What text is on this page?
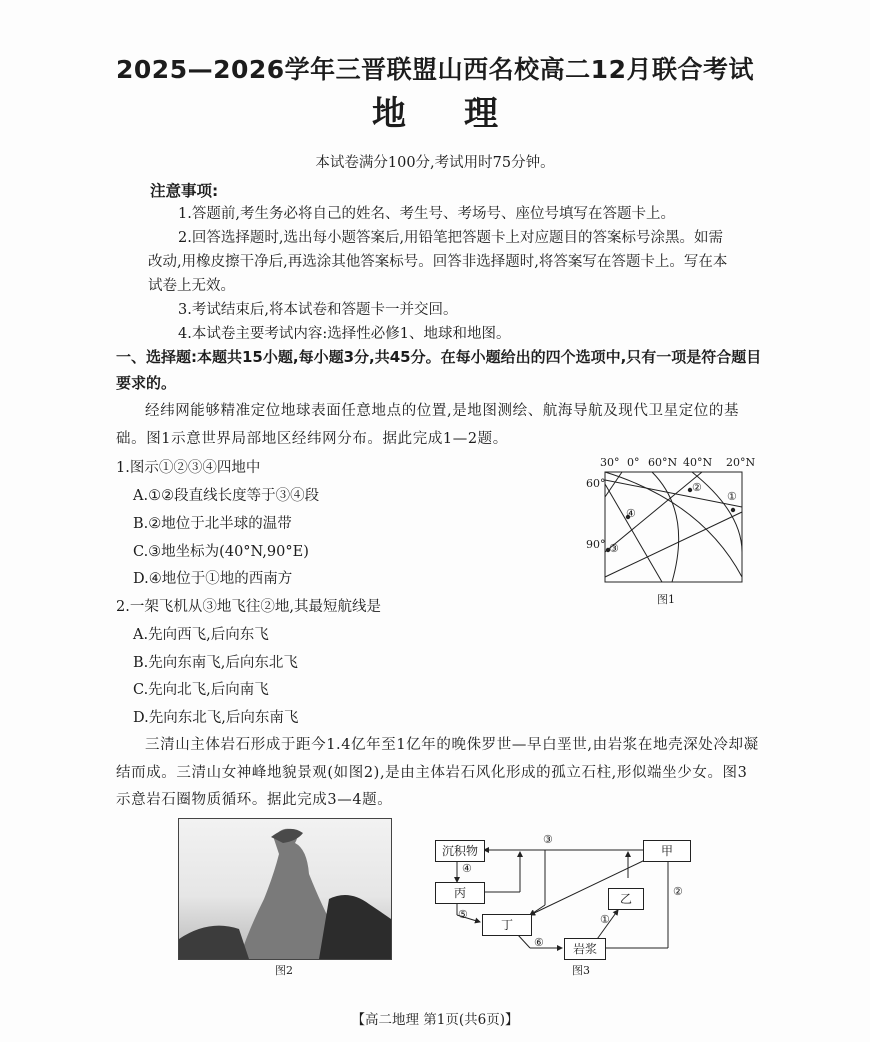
2025—2026学年三晋联盟山西名校高二12月联合考试
地理
本试卷满分100分,考试用时75分钟。
注意事项:
1.答题前,考生务必将自己的姓名、考生号、考场号、座位号填写在答题卡上。
2.回答选择题时,选出每小题答案后,用铅笔把答题卡上对应题目的答案标号涂黑。如需改动,用橡皮擦干净后,再选涂其他答案标号。回答非选择题时,将答案写在答题卡上。写在本试卷上无效。
3.考试结束后,将本试卷和答题卡一并交回。
4.本试卷主要考试内容:选择性必修1、地球和地图。
一、选择题:本题共15小题,每小题3分,共45分。在每小题给出的四个选项中,只有一项是符合题目要求的。
经纬网能够精准定位地球表面任意地点的位置,是地图测绘、航海导航及现代卫星定位的基础。图1示意世界局部地区经纬网分布。据此完成1—2题。
1.图示①②③④四地中
A.①②段直线长度等于③④段
B.②地位于北半球的温带
C.③地坐标为(40°N,90°E)
D.④地位于①地的西南方
2.一架飞机从③地飞往②地,其最短航线是
A.先向西飞,后向东飞
B.先向东南飞,后向东北飞
C.先向北飞,后向南飞
D.先向东北飞,后向东南飞
30° 0° 60°N 40°N 20°N
60°
90°
①
②
③
④
图1
三清山主体岩石形成于距今1.4亿年至1亿年的晚侏罗世—早白垩世,由岩浆在地壳深处冷却凝结而成。三清山女神峰地貌景观(如图2),是由主体岩石风化形成的孤立石柱,形似端坐少女。图3示意岩石圈物质循环。据此完成3—4题。
图2
沉积物	甲
丙	乙
丁
岩浆
①
②
③
④
⑤
⑥
图3
【高二地理 第1页(共6页)】
